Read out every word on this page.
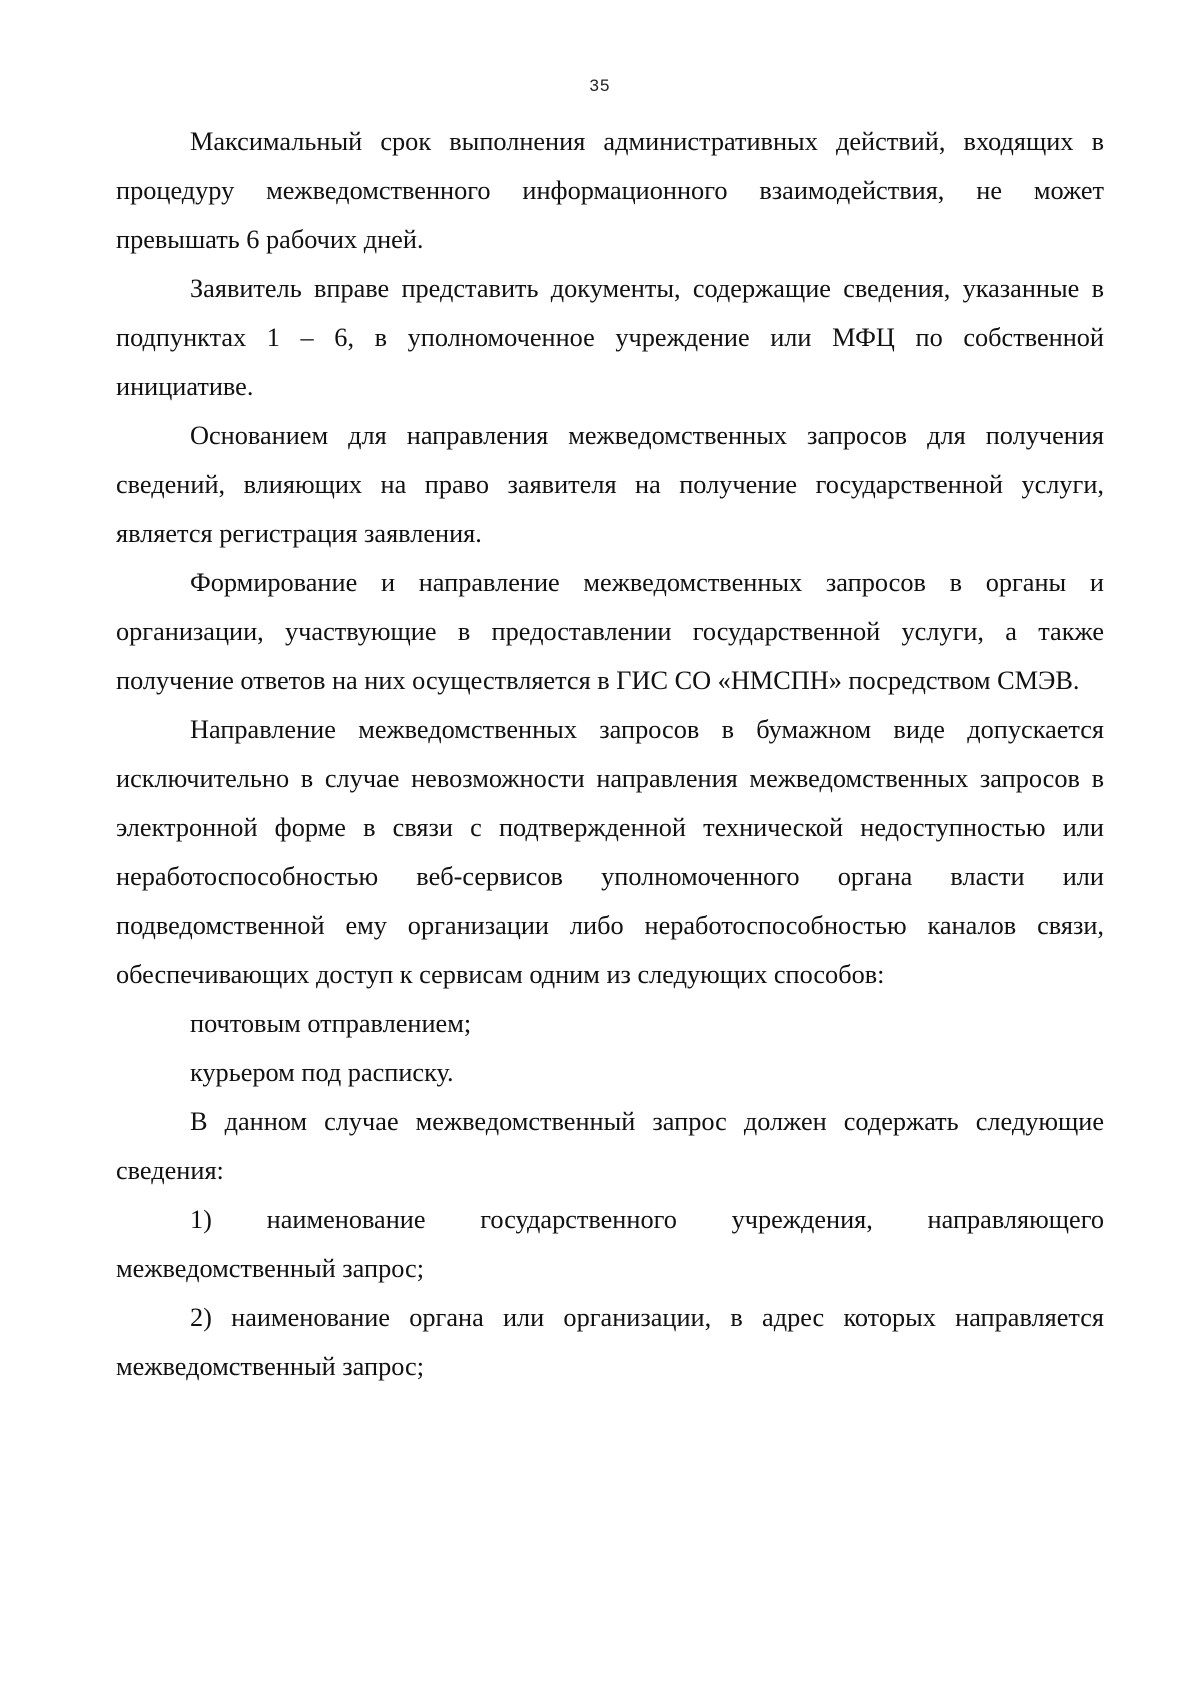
35

Максимальный срок выполнения административных действий, входящих в процедуру межведомственного информационного взаимодействия, не может превышать 6 рабочих дней.

Заявитель вправе представить документы, содержащие сведения, указанные в подпунктах 1 – 6, в уполномоченное учреждение или МФЦ по собственной инициативе.

Основанием для направления межведомственных запросов для получения сведений, влияющих на право заявителя на получение государственной услуги, является регистрация заявления.

Формирование и направление межведомственных запросов в органы и организации, участвующие в предоставлении государственной услуги, а также получение ответов на них осуществляется в ГИС СО «НМСПН» посредством СМЭВ.

Направление межведомственных запросов в бумажном виде допускается исключительно в случае невозможности направления межведомственных запросов в электронной форме в связи с подтвержденной технической недоступностью или неработоспособностью веб-сервисов уполномоченного органа власти или подведомственной ему организации либо неработоспособностью каналов связи, обеспечивающих доступ к сервисам одним из следующих способов:

почтовым отправлением;

курьером под расписку.

В данном случае межведомственный запрос должен содержать следующие сведения:

1) наименование государственного учреждения, направляющего межведомственный запрос;

2) наименование органа или организации, в адрес которых направляется межведомственный запрос;
